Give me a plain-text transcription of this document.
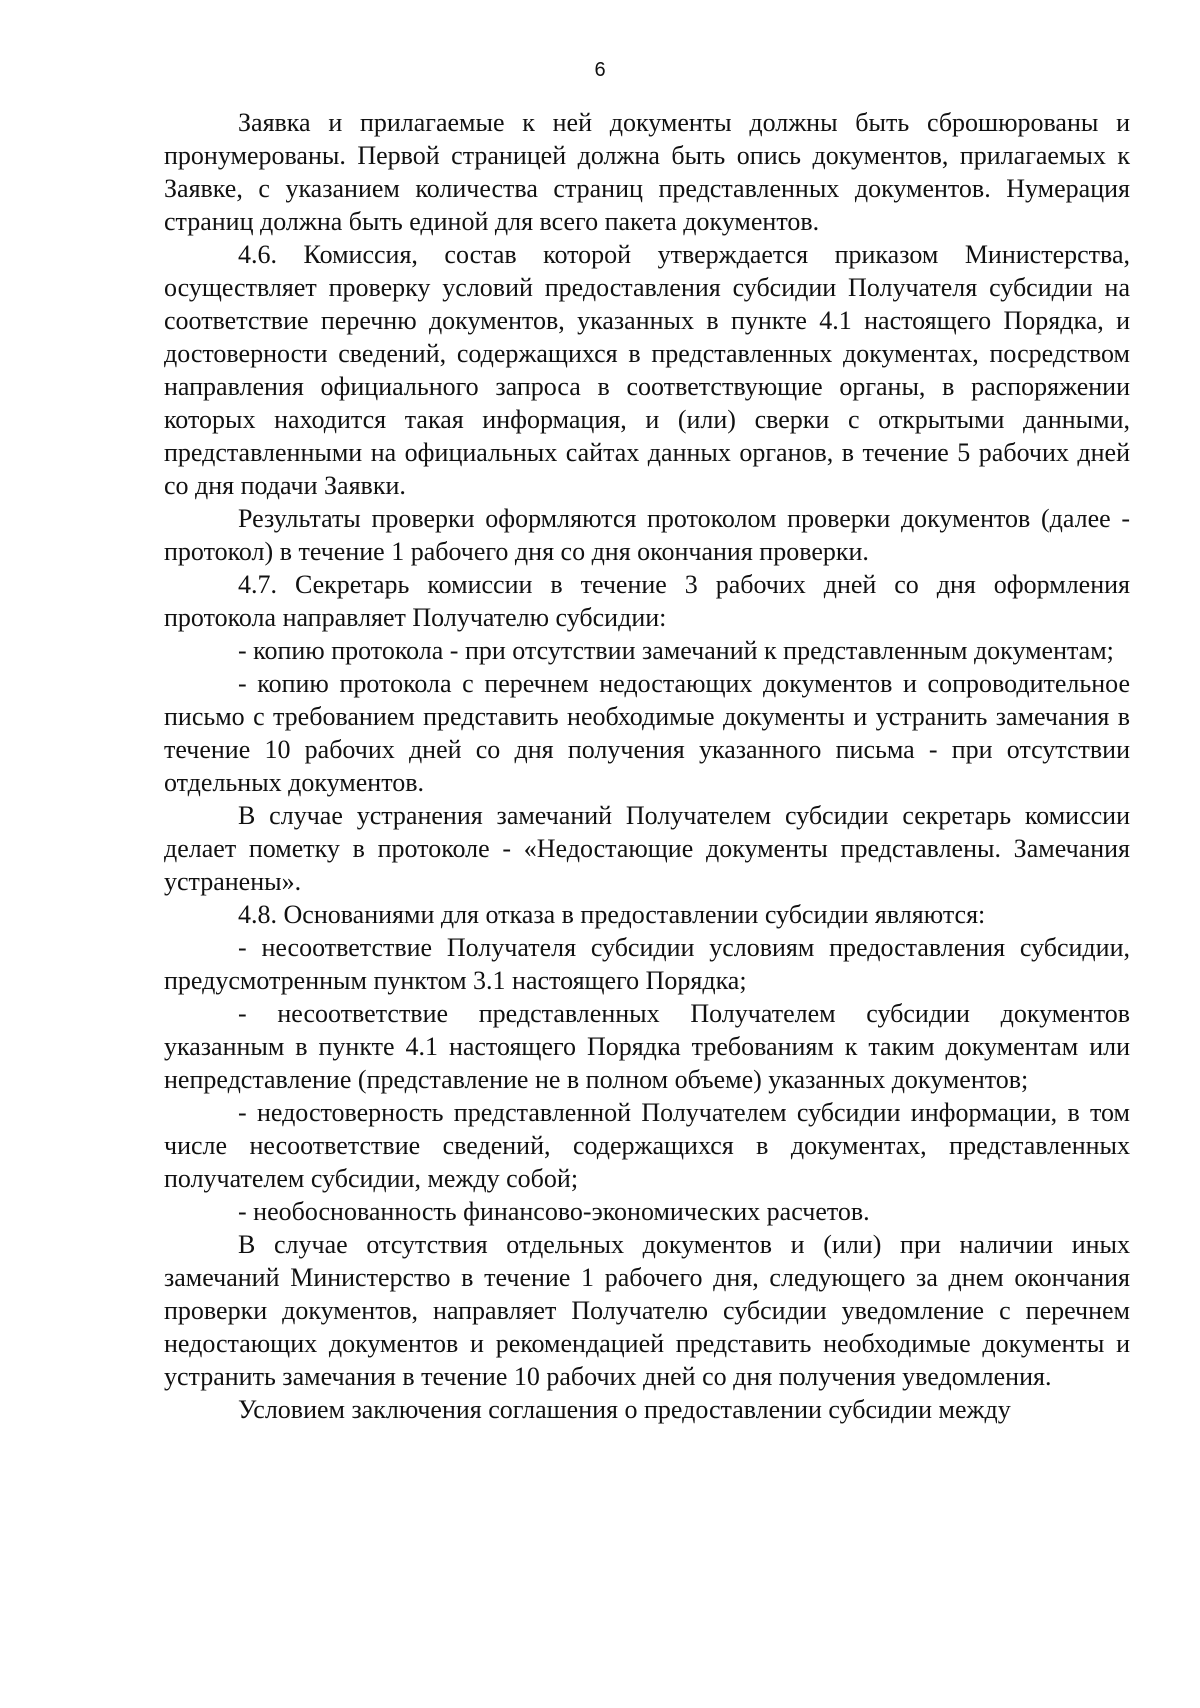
6

Заявка и прилагаемые к ней документы должны быть сброшюрованы и пронумерованы. Первой страницей должна быть опись документов, прилагаемых к Заявке, с указанием количества страниц представленных документов. Нумерация страниц должна быть единой для всего пакета документов.

4.6. Комиссия, состав которой утверждается приказом Министерства, осуществляет проверку условий предоставления субсидии Получателя субсидии на соответствие перечню документов, указанных в пункте 4.1 настоящего Порядка, и достоверности сведений, содержащихся в представленных документах, посредством направления официального запроса в соответствующие органы, в распоряжении которых находится такая информация, и (или) сверки с открытыми данными, представленными на официальных сайтах данных органов, в течение 5 рабочих дней со дня подачи Заявки.

Результаты проверки оформляются протоколом проверки документов (далее - протокол) в течение 1 рабочего дня со дня окончания проверки.

4.7. Секретарь комиссии в течение 3 рабочих дней со дня оформления протокола направляет Получателю субсидии:

- копию протокола - при отсутствии замечаний к представленным документам;

- копию протокола с перечнем недостающих документов и сопроводительное письмо с требованием представить необходимые документы и устранить замечания в течение 10 рабочих дней со дня получения указанного письма - при отсутствии отдельных документов.

В случае устранения замечаний Получателем субсидии секретарь комиссии делает пометку в протоколе - «Недостающие документы представлены. Замечания устранены».

4.8. Основаниями для отказа в предоставлении субсидии являются:

- несоответствие Получателя субсидии условиям предоставления субсидии, предусмотренным пунктом 3.1 настоящего Порядка;

- несоответствие представленных Получателем субсидии документов указанным в пункте 4.1 настоящего Порядка требованиям к таким документам или непредставление (представление не в полном объеме) указанных документов;

- недостоверность представленной Получателем субсидии информации, в том числе несоответствие сведений, содержащихся в документах, представленных получателем субсидии, между собой;

- необоснованность финансово-экономических расчетов.

В случае отсутствия отдельных документов и (или) при наличии иных замечаний Министерство в течение 1 рабочего дня, следующего за днем окончания проверки документов, направляет Получателю субсидии уведомление с перечнем недостающих документов и рекомендацией представить необходимые документы и устранить замечания в течение 10 рабочих дней со дня получения уведомления.

Условием заключения соглашения о предоставлении субсидии между
